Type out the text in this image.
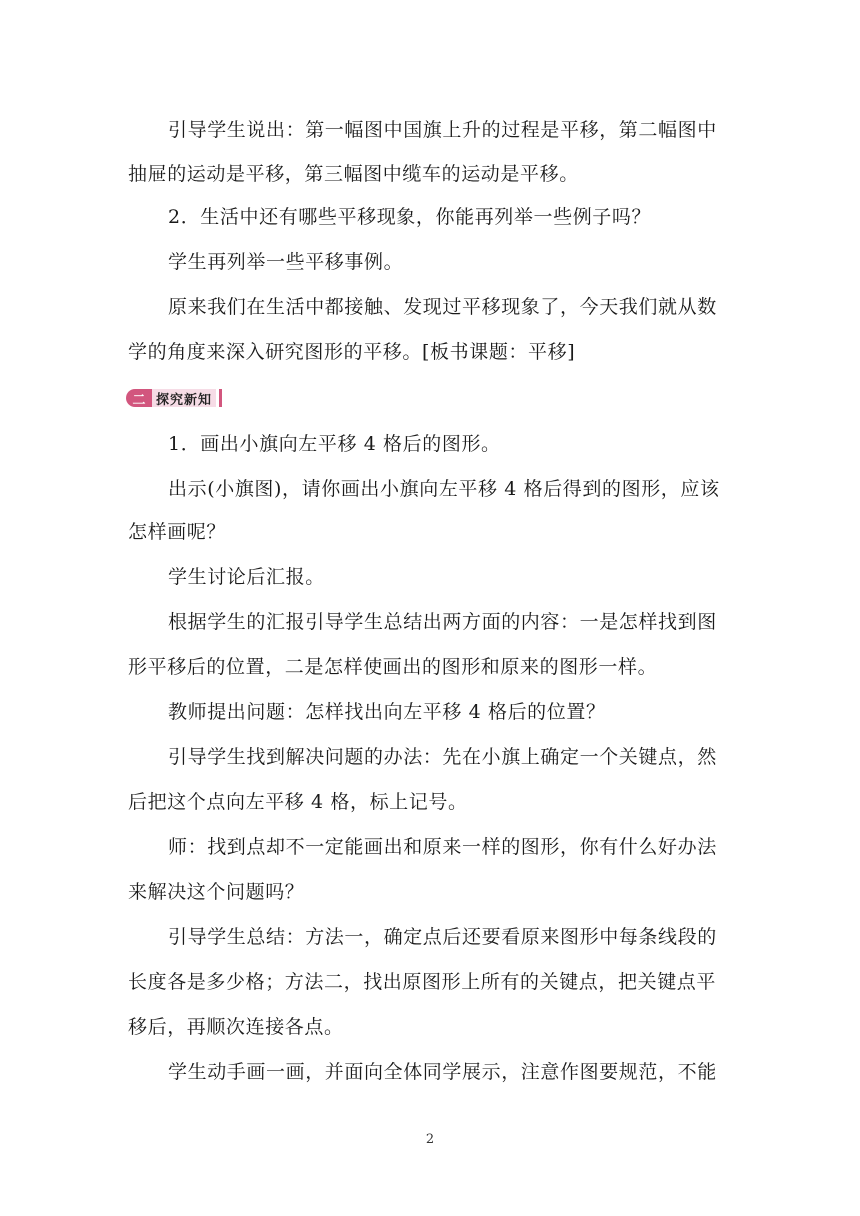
引导学生说出：第一幅图中国旗上升的过程是平移，第二幅图中
抽屉的运动是平移，第三幅图中缆车的运动是平移。
2．生活中还有哪些平移现象，你能再列举一些例子吗？
学生再列举一些平移事例。
原来我们在生活中都接触、发现过平移现象了，今天我们就从数
学的角度来深入研究图形的平移。[板书课题：平移]
二 探究新知
1．画出小旗向左平移 4 格后的图形。
出示(小旗图)，请你画出小旗向左平移 4 格后得到的图形，应该
怎样画呢？
学生讨论后汇报。
根据学生的汇报引导学生总结出两方面的内容：一是怎样找到图
形平移后的位置，二是怎样使画出的图形和原来的图形一样。
教师提出问题：怎样找出向左平移 4 格后的位置？
引导学生找到解决问题的办法：先在小旗上确定一个关键点，然
后把这个点向左平移 4 格，标上记号。
师：找到点却不一定能画出和原来一样的图形，你有什么好办法
来解决这个问题吗？
引导学生总结：方法一，确定点后还要看原来图形中每条线段的
长度各是多少格；方法二，找出原图形上所有的关键点，把关键点平
移后，再顺次连接各点。
学生动手画一画，并面向全体同学展示，注意作图要规范，不能
2
